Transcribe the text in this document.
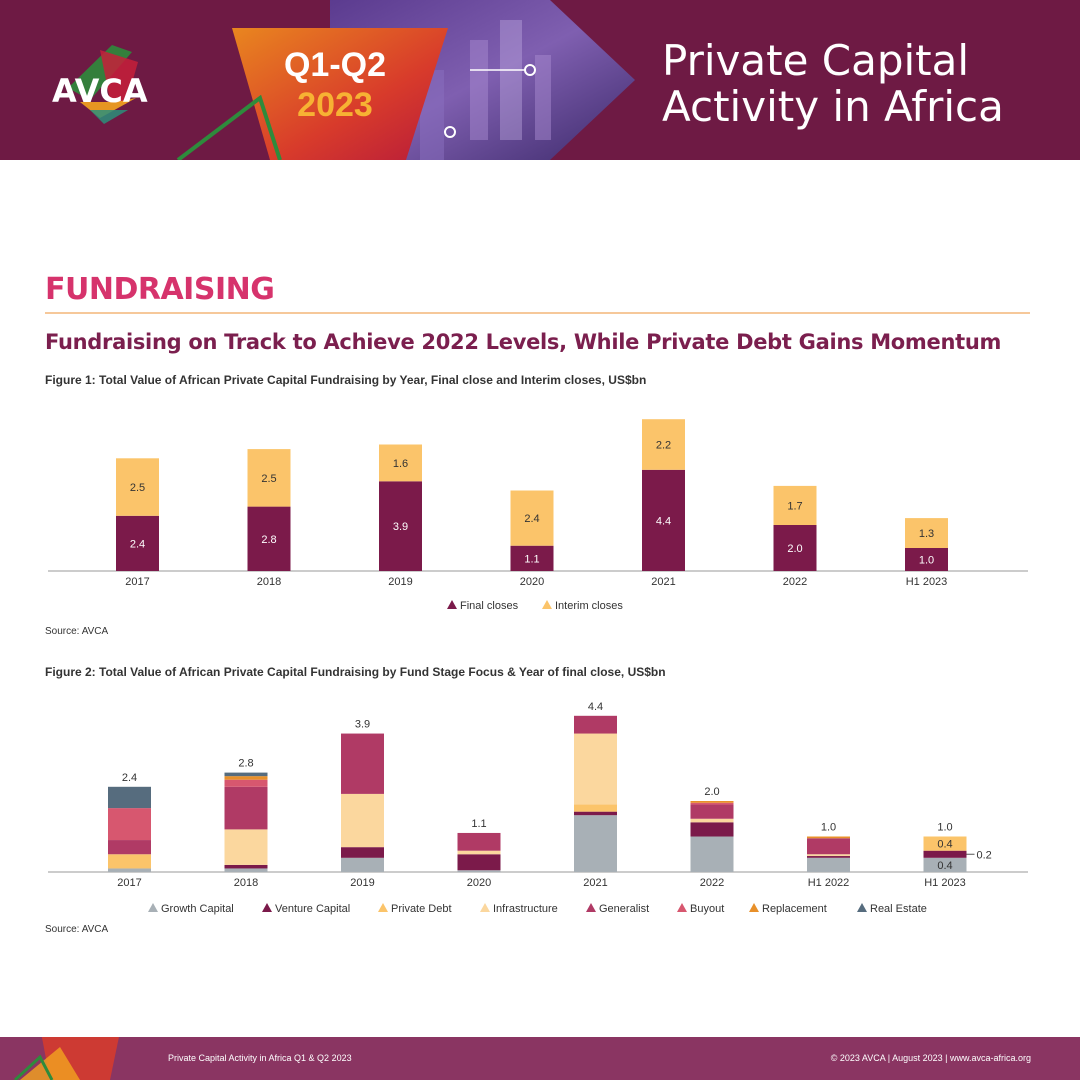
AVCA
Q1-Q2
2023
Private Capital
Activity in Africa
FUNDRAISING
Fundraising on Track to Achieve 2022 Levels, While Private Debt Gains Momentum
Figure 1: Total Value of African Private Capital Fundraising by Year, Final close and Interim closes, US$bn
2.4
2.5
2017
2.8
2.5
2018
3.9
1.6
2019
1.1
2.4
2020
4.4
2.2
2021
2.0
1.7
2022
1.0
1.3
H1 2023
Final closes	Interim closes
Source: AVCA
Figure 2: Total Value of African Private Capital Fundraising by Fund Stage Focus & Year of final close, US$bn
2.4
2017
2.8
2018
3.9
2019
1.1
2020
4.4
2021
2.0
2022
1.0
H1 2022
1.0
H1 2023
0.4
0.2
0.4
Growth Capital	Venture Capital	Private Debt	Infrastructure	Generalist	Buyout	Replacement	Real Estate
Source: AVCA
Private Capital Activity in Africa Q1 & Q2 2023	© 2023 AVCA | August 2023 | www.avca-africa.org
